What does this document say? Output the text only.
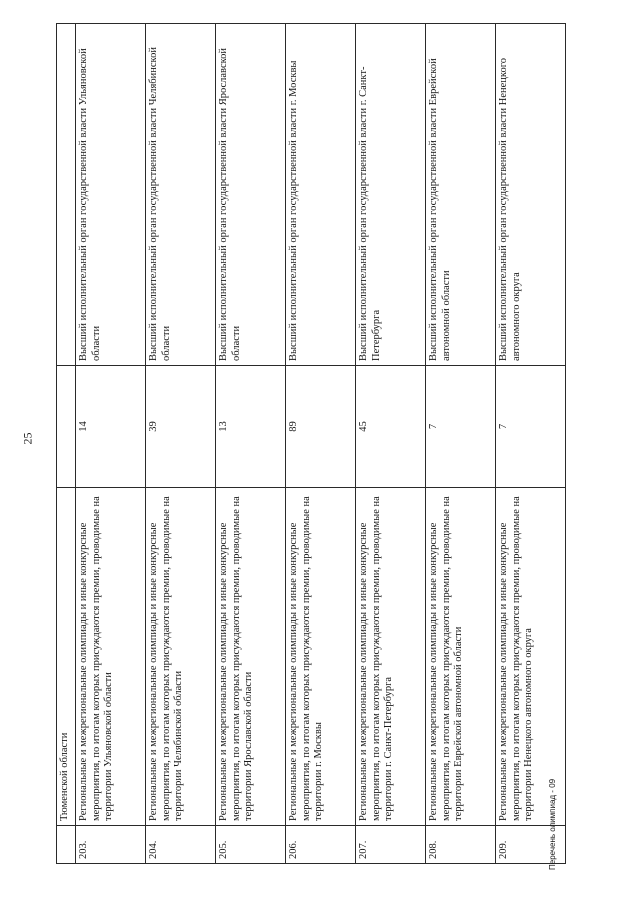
25
	Тюменской области		
203.	Региональные и межрегиональные олимпиады и иные конкурсные мероприятия, по итогам которых присуждаются премии, проводимые на территории Ульяновской области	14	Высший исполнительный орган государственной власти Ульяновской области
204.	Региональные и межрегиональные олимпиады и иные конкурсные мероприятия, по итогам которых присуждаются премии, проводимые на территории Челябинской области	39	Высший исполнительный орган государственной власти Челябинской области
205.	Региональные и межрегиональные олимпиады и иные конкурсные мероприятия, по итогам которых присуждаются премии, проводимые на территории Ярославской области	13	Высший исполнительный орган государственной власти Ярославской области
206.	Региональные и межрегиональные олимпиады и иные конкурсные мероприятия, по итогам которых присуждаются премии, проводимые на территории г. Москвы	89	Высший исполнительный орган государственной власти г. Москвы
207.	Региональные и межрегиональные олимпиады и иные конкурсные мероприятия, по итогам которых присуждаются премии, проводимые на территории г. Санкт-Петербурга	45	Высший исполнительный орган государственной власти г. Санкт-Петербурга
208.	Региональные и межрегиональные олимпиады и иные конкурсные мероприятия, по итогам которых присуждаются премии, проводимые на территории Еврейской автономной области	7	Высший исполнительный орган государственной власти Еврейской автономной области
209.	Региональные и межрегиональные олимпиады и иные конкурсные мероприятия, по итогам которых присуждаются премии, проводимые на территории Ненецкого автономного округа	7	Высший исполнительный орган государственной власти Ненецкого автономного округа
Перечень олимпиад - 09
